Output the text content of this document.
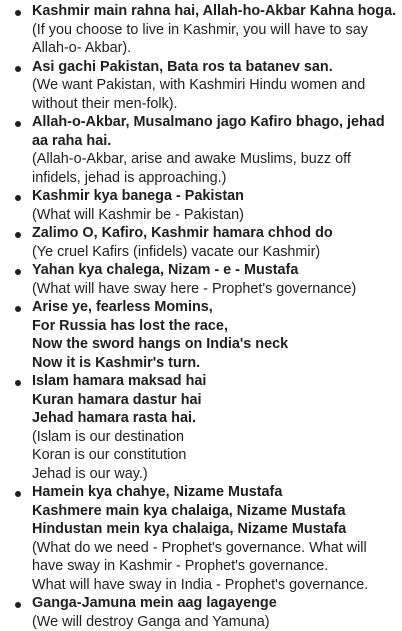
Kashmir main rahna hai, Allah-ho-Akbar Kahna hoga.
(If you choose to live in Kashmir, you will have to say
Allah-o- Akbar).
Asi gachi Pakistan, Bata ros ta batanev san.
(We want Pakistan, with Kashmiri Hindu women and
without their men-folk).
Allah-o-Akbar, Musalmano jago Kafiro bhago, jehad
aa raha hai.
(Allah-o-Akbar, arise and awake Muslims, buzz off
infidels, jehad is approaching.)
Kashmir kya banega - Pakistan
(What will Kashmir be - Pakistan)
Zalimo O, Kafiro, Kashmir hamara chhod do
(Ye cruel Kafirs (infidels) vacate our Kashmir)
Yahan kya chalega, Nizam - e - Mustafa
(What will have sway here - Prophet's governance)
Arise ye, fearless Momins,
For Russia has lost the race,
Now the sword hangs on India's neck
Now it is Kashmir's turn.
Islam hamara maksad hai
Kuran hamara dastur hai
Jehad hamara rasta hai.
(Islam is our destination
Koran is our constitution
Jehad is our way.)
Hamein kya chahye, Nizame Mustafa
Kashmere main kya chalaiga, Nizame Mustafa
Hindustan mein kya chalaiga, Nizame Mustafa
(What do we need - Prophet's governance. What will
have sway in Kashmir - Prophet's governance.
What will have sway in India - Prophet's governance.
Ganga-Jamuna mein aag lagayenge
(We will destroy Ganga and Yamuna)
